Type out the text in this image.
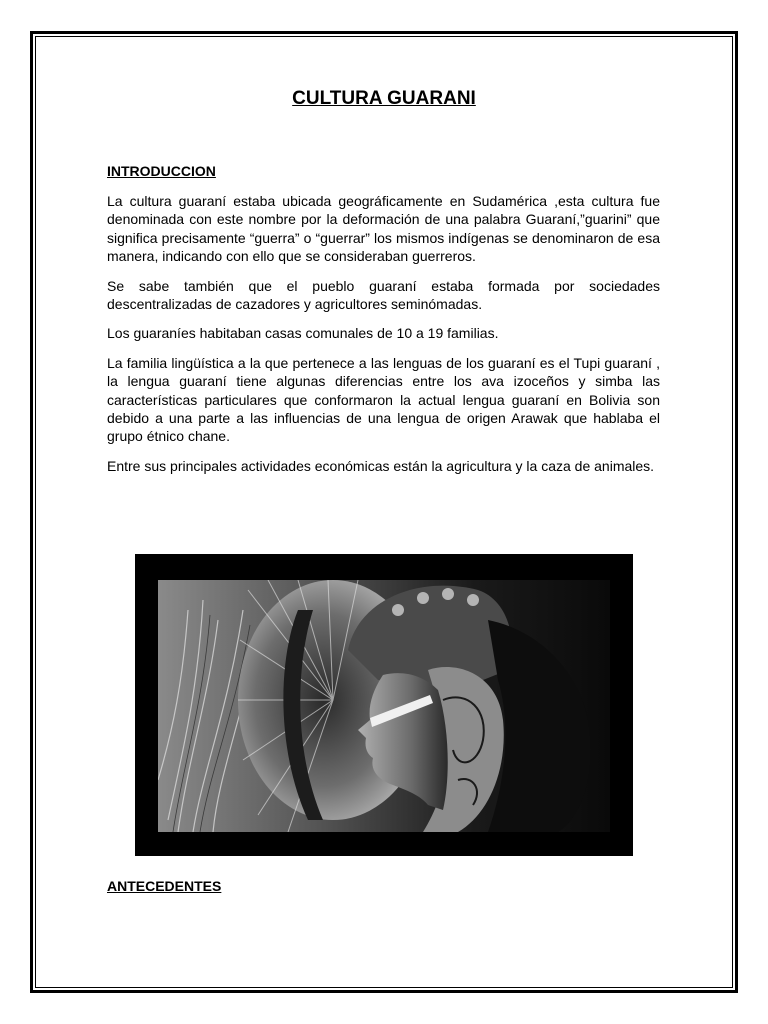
CULTURA GUARANI
INTRODUCCION

La cultura guaraní estaba ubicada geográficamente en Sudamérica ,esta cultura fue denominada con este nombre por la deformación de una palabra Guaraní,”guarini” que significa precisamente “guerra” o “guerrar” los mismos indígenas se denominaron de esa manera, indicando con ello que se consideraban guerreros.

Se sabe también que el pueblo guaraní estaba formada por sociedades descentralizadas de cazadores y agricultores seminómadas.

Los guaraníes habitaban casas comunales de 10 a 19 familias.

La familia lingüística a la que pertenece a las lenguas de los guaraní es el Tupi guaraní , la lengua guaraní tiene algunas diferencias entre los ava izoceños y simba las características particulares que conformaron la actual lengua guaraní en Bolivia son debido a una parte a las influencias de una lengua de origen Arawak que hablaba el grupo étnico chane.

Entre sus principales actividades económicas están la agricultura y la caza de animales.

ANTECEDENTES
